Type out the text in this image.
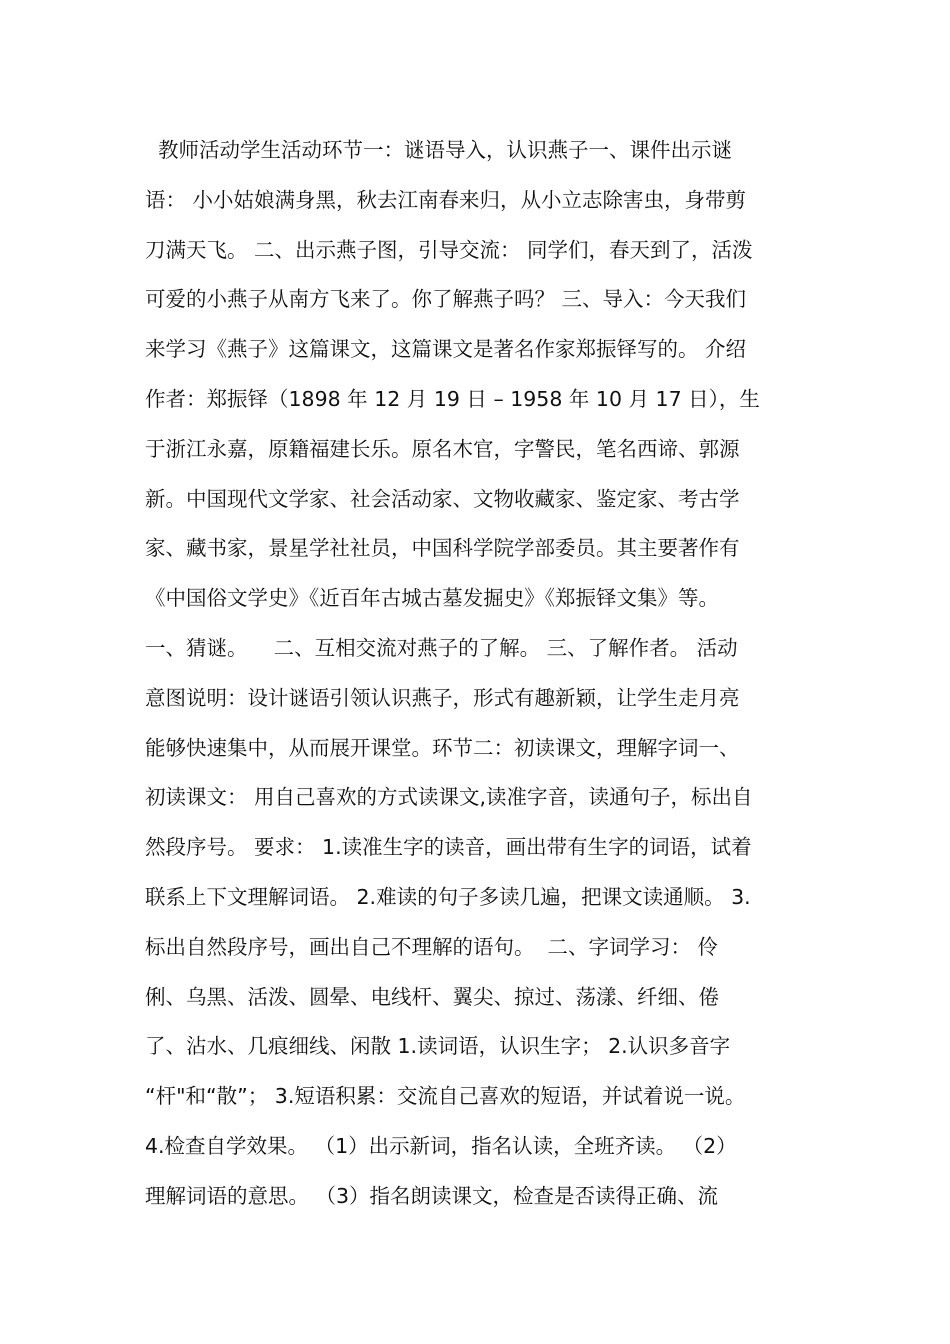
教师活动学生活动环节一：谜语导入，认识燕子一、课件出示谜
语： 小小姑娘满身黑，秋去江南春来归，从小立志除害虫，身带剪
刀满天飞。 二、出示燕子图，引导交流： 同学们，春天到了，活泼
可爱的小燕子从南方飞来了。你了解燕子吗？ 三、导入：今天我们
来学习《燕子》这篇课文，这篇课文是著名作家郑振铎写的。 介绍
作者：郑振铎（1898 年 12 月 19 日 – 1958 年 10 月 17 日），生
于浙江永嘉，原籍福建长乐。原名木官，字警民，笔名西谛、郭源
新。中国现代文学家、社会活动家、文物收藏家、鉴定家、考古学
家、藏书家，景星学社社员，中国科学院学部委员。其主要著作有
《中国俗文学史》《近百年古城古墓发掘史》《郑振铎文集》等。
一、猜谜。    二、互相交流对燕子的了解。 三、了解作者。 活动
意图说明：设计谜语引领认识燕子，形式有趣新颖，让学生走月亮
能够快速集中，从而展开课堂。环节二：初读课文，理解字词一、
初读课文： 用自己喜欢的方式读课文,读准字音，读通句子，标出自
然段序号。 要求： 1.读准生字的读音，画出带有生字的词语，试着
联系上下文理解词语。 2.难读的句子多读几遍，把课文读通顺。 3.
标出自然段序号，画出自己不理解的语句。  二、字词学习： 伶
俐、乌黑、活泼、圆晕、电线杆、翼尖、掠过、荡漾、纤细、倦
了、沾水、几痕细线、闲散 1.读词语，认识生字； 2.认识多音字
“杆"和“散”； 3.短语积累：交流自己喜欢的短语，并试着说一说。
4.检查自学效果。 （1）出示新词，指名认读，全班齐读。 （2）
理解词语的意思。 （3）指名朗读课文，检查是否读得正确、流
